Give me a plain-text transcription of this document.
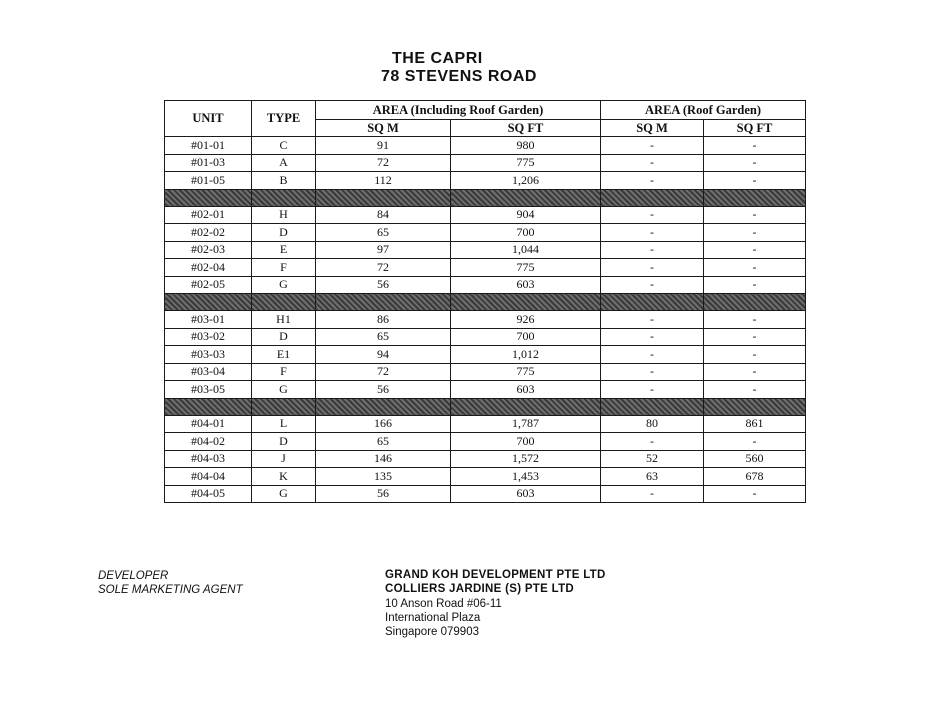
THE CAPRI
78 STEVENS ROAD
UNIT	TYPE	AREA (Including Roof Garden)		AREA (Roof Garden)	
		SQ M	SQ FT	SQ M	SQ FT
#01-01	C	91	980	-	-
#01-03	A	72	775	-	-
#01-05	B	112	1,206	-	-

#02-01	H	84	904	-	-
#02-02	D	65	700	-	-
#02-03	E	97	1,044	-	-
#02-04	F	72	775	-	-
#02-05	G	56	603	-	-

#03-01	H1	86	926	-	-
#03-02	D	65	700	-	-
#03-03	E1	94	1,012	-	-
#03-04	F	72	775	-	-
#03-05	G	56	603	-	-

#04-01	L	166	1,787	80	861
#04-02	D	65	700	-	-
#04-03	J	146	1,572	52	560
#04-04	K	135	1,453	63	678
#04-05	G	56	603	-	-
DEVELOPER
SOLE MARKETING AGENT
GRAND KOH DEVELOPMENT PTE LTD
COLLIERS JARDINE (S) PTE LTD
10 Anson Road #06-11
International Plaza
Singapore 079903
